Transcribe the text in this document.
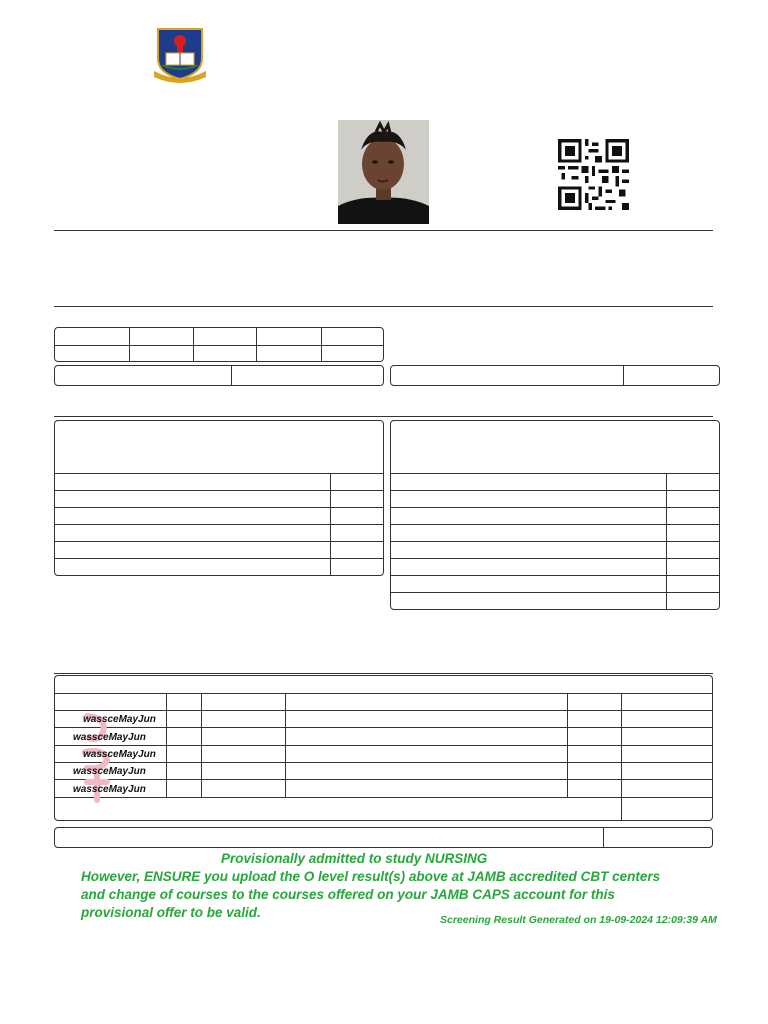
wassceMayJun
wassceMayJun
wassceMayJun
wassceMayJun
wassceMayJun
Provisionally admitted to study NURSING
However, ENSURE you upload the O level result(s) above at JAMB accredited CBT centers
and change of courses to the courses offered on your JAMB CAPS account for this
provisional offer to be valid.	Screening Result Generated on 19-09-2024 12:09:39 AM
